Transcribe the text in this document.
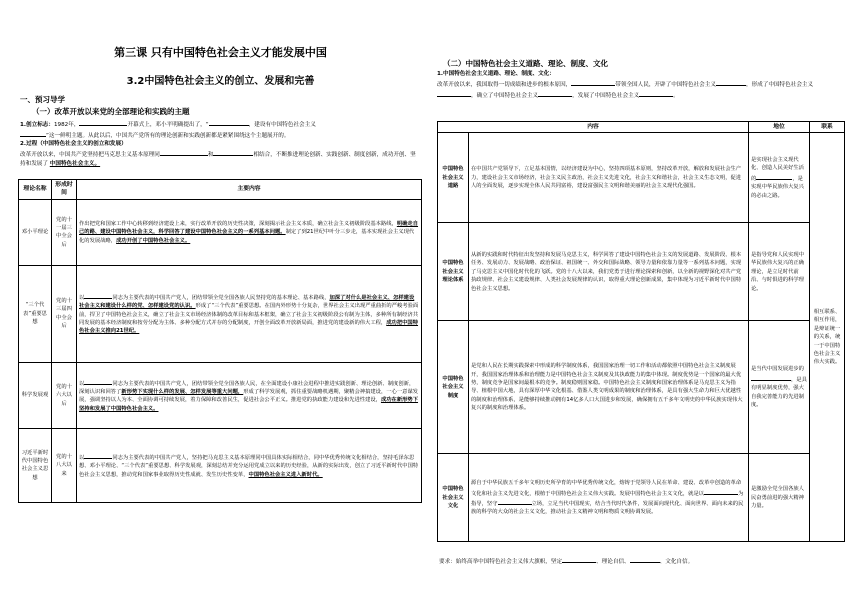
第三课 只有中国特色社会主义才能发展中国
3.2中国特色社会主义的创立、发展和完善
一、预习导学
（一）改革开放以来党的全部理论和实践的主题
1.创立标志：1982年，	开幕式上，邓小平明确提出了，“	，建设有中国特色社会主义
”这一鲜明主题。从此以后，中国共产党所有的理论创新和实践创新都是紧紧围绕这个主题展开的。
2.过程（中国特色社会主义的创立和发展）
改革开放以来，中国共产党坚持把马克思主义基本原理同	和	相结合，不断推进理论创新、实践创新、制度创新，成功开创、坚持和发展了 中国特色社会主义。
理论名称	形成时间	主要内容
邓小平理论	党的十一届三中全会后	作出把党和国家工作中心转移到经济建设上来，实行改革开放的历史性决策，深刻揭示社会主义本质，确立社会主义初级阶段基本路线，明确走自己的路、建设中国特色社会主义，科学回答了建设中国特色社会主义的一系列基本问题。制定了到21世纪中叶分三步走，基本实现社会主义现代化的发展战略，成功开创了中国特色社会主义。
“三个代表”重要思想	党的十三届四中全会后	以 同志为主要代表的中国共产党人，团结带领全党全国各族人民坚持党的基本理论、基本路线，加深了对什么是社会主义、怎样建设社会主义和建设什么样的党、怎样建设党的认识。形成了“三个代表”重要思想。在国内外形势十分复杂，世界社会主义出现严重曲折的严峻考验面前，捍卫了中国特色社会主义，确立了社会主义市场经济体制的改革目标和基本框架，确立了社会主义初级阶段公有制为主体，多种所有制经济共同发展的基本经济制度和按劳分配为主体、多种分配方式并存的分配制度，开创全面改革开放新局面，推进党的建设新的伟大工程，成功把中国特色社会主义推向21世纪。
科学发展观	党的十六大以后	以 同志为主要代表的中国共产党人，团结带领全党全国各族人民，在全面建设小康社会进程中推进实践创新、理论创新、制度创新，深刻认识和回答了新形势下实现什么样的发展、怎样发展等重大问题，形成了科学发展观，抓住重要战略机遇期，聚精会神搞建设，一心一意谋发展，强调坚持以人为本、全面协调可持续发展，着力保障和改善民生，促进社会公平正义。推进党的执政能力建设和先进性建设，成功在新形势下坚持和发展了中国特色社会主义。
习近平新时代中国特色社会主义思想	党的十八大以来	以 同志为主要代表的中国共产党人，坚持把马克思主义基本原理同中国具体实际相结合，同中华优秀传统文化相结合，坚持毛泽东思想、邓小平理论、“三个代表”重要思想、科学发展观，深刻总结并充分运用党成立以来的历史经验，从新的实际出发，创立了习近平新时代中国特色社会主义思想，推动党和国家事业取得历史性成就、发生历史性变革，中国特色社会主义进入新时代。
（二）中国特色社会主义道路、理论、制度、文化
1.中国特色社会主义道路、理论、制度、文化：
改革开放以来，我国取得一切成绩和进步的根本原因，	带领全国人民，开辟了中国特色社会主义	，形成了中国特色社会主义，确立了中国特色社会主义	，发展了中国特色社会主义	。
内容		地位	联系
中国特色社会主义道路	在中国共产党领导下，立足基本国情，以经济建设为中心，坚持四项基本原则，坚持改革开放，解放和发展社会生产力，建设社会主义市场经济，社会主义民主政治，社会主义先进文化，社会主义和谐社会，社会主义生态文明，促进人的全面发展，逐步实现全体人民共同富裕，建设富强民主文明和谐美丽的社会主义现代化强国。	是实现社会主义现代化、创造人民美好生活的 ，是实现中华民族伟大复兴的必由之路。	相互联系、相互作用，是辩证统一的关系，统一于中国特色社会主义伟大实践。
中国特色社会主义理论体系	从新的实践和时代特征出发坚持和发展马克思主义，科学回答了建设中国特色社会主义的发展道路、发展阶段、根本任务、发展动力、发展战略、政治保证、祖国统一、外交和国际战略、领导力量和依靠力量等一系列基本问题，实现了马克思主义中国化时代化的飞跃。党的十八大以来，我们党勇于进行理论探索和创新，以全新的视野深化对共产党执政规律、社会主义建设规律、人类社会发展规律的认识，取得重大理论创新成果，集中体现为习近平新时代中国特色社会主义思想。	是指导党和人民实现中华民族伟大复兴的正确理论，是立足时代前沿、与时俱进的科学理论。	
中国特色社会主义制度	是党和人民在长期实践探索中形成的科学制度体系，我国国家治理一切工作和活动都依照中国特色社会主义制度展开，我国国家治理体系和治理能力是中国特色社会主义制度及其执政能力的集中体现。制度优势是一个国家的最大优势，制度竞争是国家间最根本的竞争。制度稳则国家稳。中国特色社会主义制度和国家治理体系是马克思主义为指导、植根中国大地，具有深厚中华文化根基、借鉴人类文明成果的制度和治理体系，是具有强大生命力和巨大优越性的制度和治理体系，是能够持续推动拥有14亿多人口大国进步和发展，确保拥有五千多年文明史的中华民族实现伟大复兴的制度和治理体系。	是当代中国发展进步的，是具有明显制度优势，强大自我完善能力的先进制度。	
中国特色社会主义文化	源自于中华民族五千多年文明历史所孕育的中华优秀传统文化，熔铸于党领导人民在革命、建设、改革中创造的革命文化和社会主义先进文化，根植于中国特色社会主义伟大实践。发展中国特色社会主义文化，就是以 为指导，坚守 立场，立足当代中国现实，结合当代时代条件，发展面向现代化、面向世界、面向未来的民族的科学的大众的社会主义文化，推动社会主义精神文明和物质文明协调发展。	是激励全党全国各族人民奋勇前进的强大精神力量。	
要求：始终高举中国特色社会主义伟大旗帜，坚定	、理论自信、	、文化自信。
